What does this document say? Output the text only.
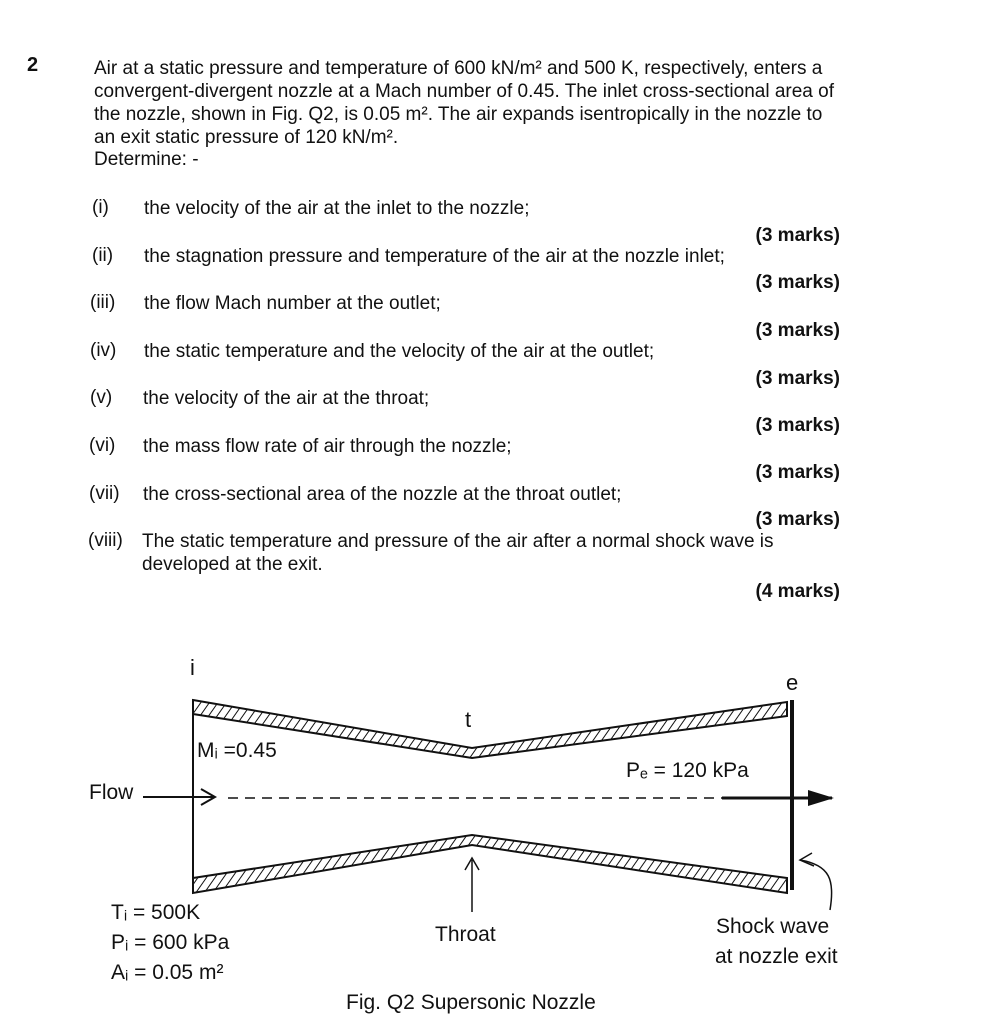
2	Air at a static pressure and temperature of 600 kN/m² and 500 K, respectively, enters a

convergent-divergent nozzle at a Mach number of 0.45. The inlet cross-sectional area of

the nozzle, shown in Fig. Q2, is 0.05 m². The air expands isentropically in the nozzle to

an exit static pressure of 120 kN/m².

Determine: -
(i) the velocity of the air at the inlet to the nozzle;
(3 marks)
(ii) the stagnation pressure and temperature of the air at the nozzle inlet;
(3 marks)
(iii) the flow Mach number at the outlet;
(3 marks)
(iv) the static temperature and the velocity of the air at the outlet;
(3 marks)
(v) the velocity of the air at the throat;
(3 marks)
(vi) the mass flow rate of air through the nozzle;
(3 marks)
(vii) the cross-sectional area of the nozzle at the throat outlet;
(3 marks)
(viii) The static temperature and pressure of the air after a normal shock wave is
developed at the exit.
(4 marks)
i
t
e
Flow
Mᵢ =0.45
Pₑ = 120 kPa
Tᵢ = 500K
Pᵢ = 600 kPa
Aᵢ = 0.05 m²
Throat	Shock wave
at nozzle exit
Fig. Q2 Supersonic Nozzle
